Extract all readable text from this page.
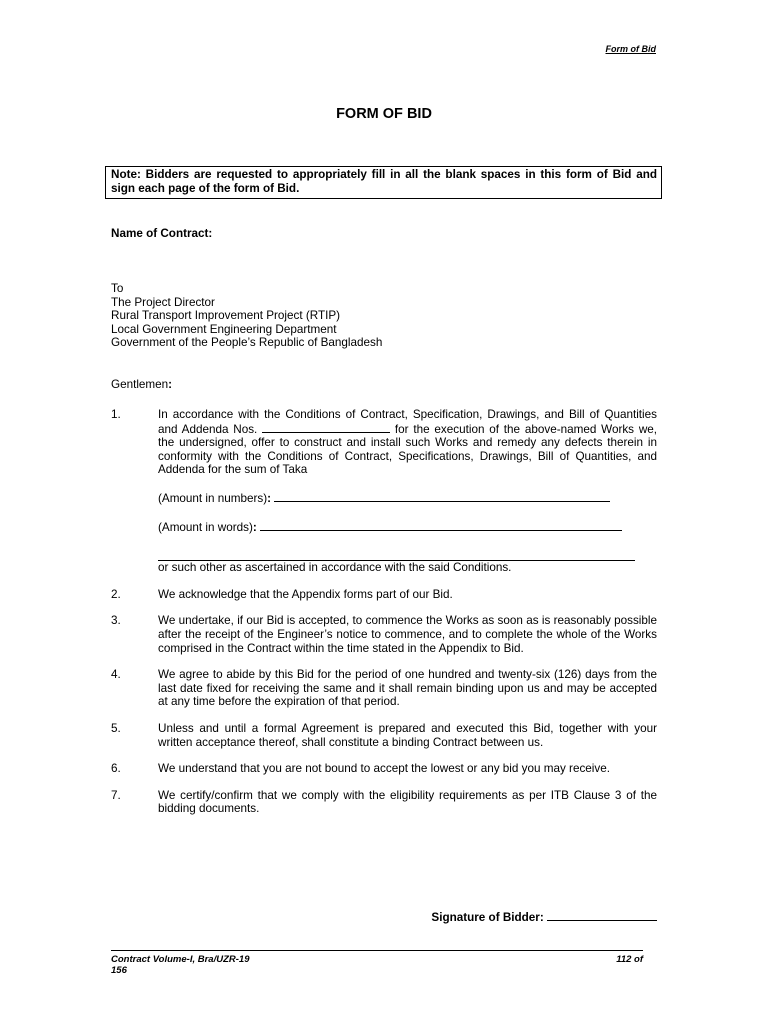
Form of Bid
FORM OF BID
Note: Bidders are requested to appropriately fill in all the blank spaces in this form of Bid and sign each page of the form of Bid.
Name of Contract:
To
The Project Director
Rural Transport Improvement Project (RTIP)
Local Government Engineering Department
Government of the People’s Republic of Bangladesh
Gentlemen:
1.	In accordance with the Conditions of Contract, Specification, Drawings, and Bill of Quantities and Addenda Nos.	for the execution of the above-named Works we, the undersigned, offer to construct and install such Works and remedy any defects therein in conformity with the Conditions of Contract, Specifications, Drawings, Bill of Quantities, and Addenda for the sum of Taka
(Amount in numbers):
(Amount in words):
or such other as ascertained in accordance with the said Conditions.
2.	We acknowledge that the Appendix forms part of our Bid.
3.	We undertake, if our Bid is accepted, to commence the Works as soon as is reasonably possible after the receipt of the Engineer’s notice to commence, and to complete the whole of the Works comprised in the Contract within the time stated in the Appendix to Bid.
4.	We agree to abide by this Bid for the period of one hundred and twenty-six (126) days from the last date fixed for receiving the same and it shall remain binding upon us and may be accepted at any time before the expiration of that period.
5.	Unless and until a formal Agreement is prepared and executed this Bid, together with your written acceptance thereof, shall constitute a binding Contract between us.
6.	We understand that you are not bound to accept the lowest or any bid you may receive.
7.	We certify/confirm that we comply with the eligibility requirements as per ITB Clause 3 of the bidding documents.
Signature of Bidder:
Contract Volume-I, Bra/UZR-19	112 of
156
